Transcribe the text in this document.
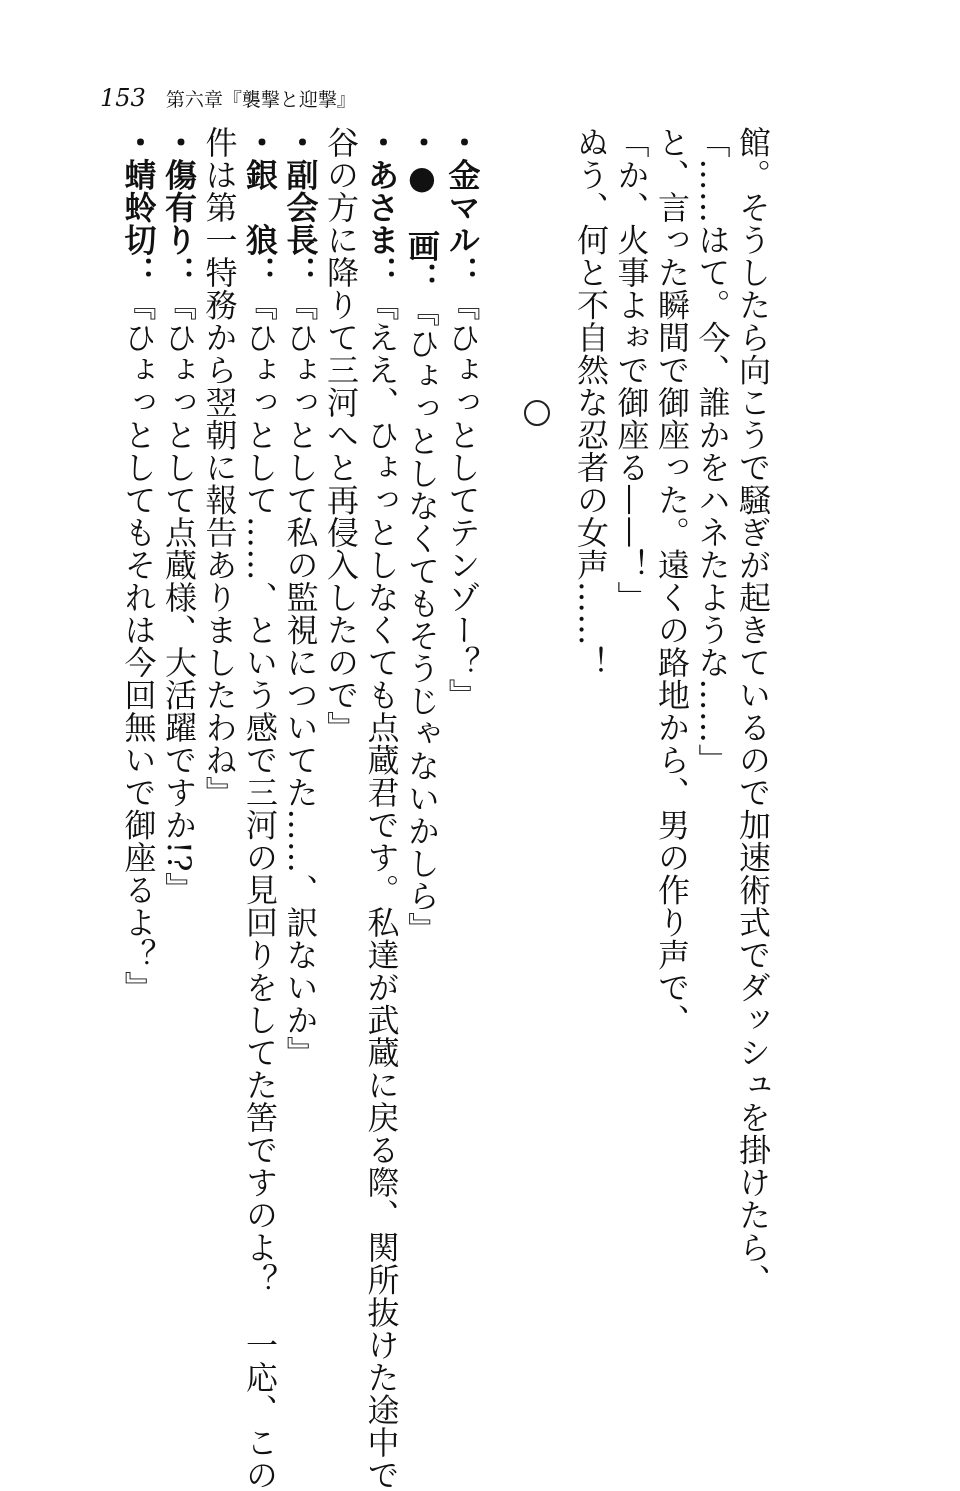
153 第六章『襲撃と迎撃』
館。そうしたら向こうで騒ぎが起きているので加速術式でダッシュを掛けたら、
「……はて。今、誰かをハネたような……」
と、言った瞬間で御座った。遠くの路地から、男の作り声で、
「か、火事よぉで御座る——！」
ぬう、何と不自然な忍者の女声……！
・金マル：『ひょっとしてテンゾー？』
・●　画：『ひょっとしなくてもそうじゃないかしら』
・あさま：『ええ、ひょっとしなくても点蔵君です。私達が武蔵に戻る際、関所抜けた途中で
谷の方に降りて三河へと再侵入したので』
・副会長：『ひょっとして私の監視についてた……、訳ないか』
・銀　狼：『ひょっとして……、という感で三河の見回りをしてた筈ですのよ？　一応、この
件は第一特務から翌朝に報告ありましたわね』
・傷有り：『ひょっとして点蔵様、大活躍ですか!?』
・蜻蛉切：『ひょっとしてもそれは今回無いで御座るよ？』
